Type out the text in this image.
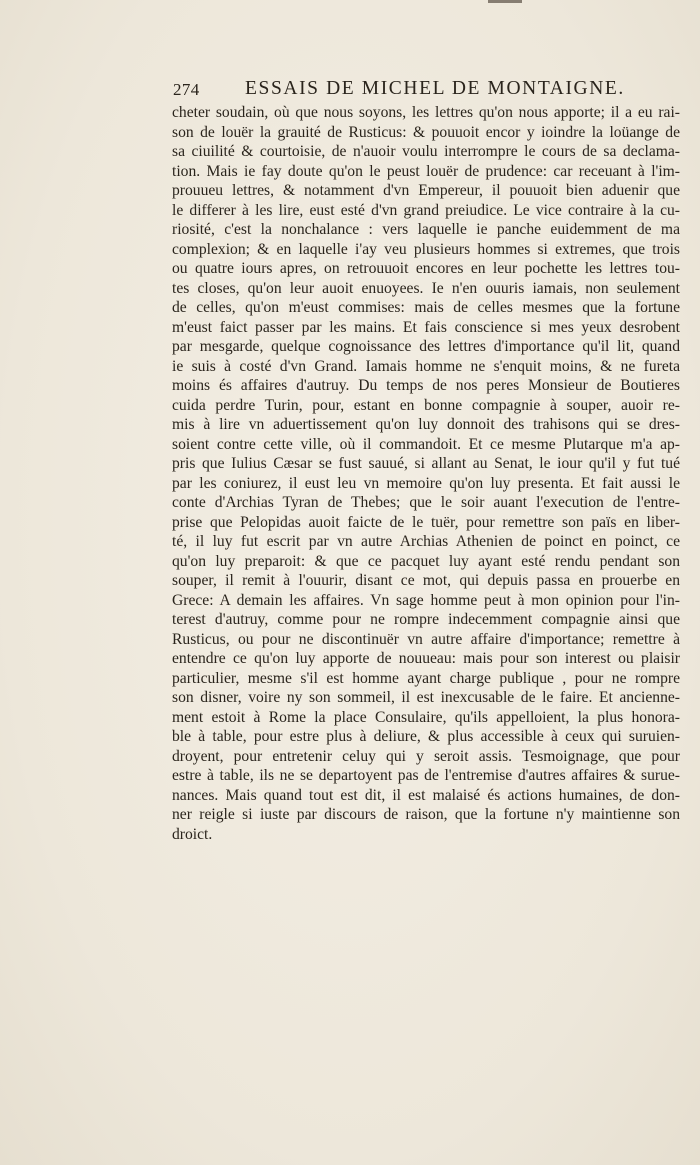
274 ESSAIS DE MICHEL DE MONTAIGNE.
cheter soudain, où que nous soyons, les lettres qu'on nous apporte; il a eu rai-
son de louër la grauité de Rusticus: & pouuoit encor y ioindre la loüange de
sa ciuilité & courtoisie, de n'auoir voulu interrompre le cours de sa declama-
tion. Mais ie fay doute qu'on le peust louër de prudence: car receuant à l'im-
prouueu lettres, & notamment d'vn Empereur, il pouuoit bien aduenir que
le differer à les lire, eust esté d'vn grand preiudice. Le vice contraire à la cu-
riosité, c'est la nonchalance : vers laquelle ie panche euidemment de ma
complexion; & en laquelle i'ay veu plusieurs hommes si extremes, que trois
ou quatre iours apres, on retrouuoit encores en leur pochette les lettres tou-
tes closes, qu'on leur auoit enuoyees. Ie n'en ouuris iamais, non seulement
de celles, qu'on m'eust commises: mais de celles mesmes que la fortune
m'eust faict passer par les mains. Et fais conscience si mes yeux desrobent
par mesgarde, quelque cognoissance des lettres d'importance qu'il lit, quand
ie suis à costé d'vn Grand. Iamais homme ne s'enquit moins, & ne fureta
moins és affaires d'autruy. Du temps de nos peres Monsieur de Boutieres
cuida perdre Turin, pour, estant en bonne compagnie à souper, auoir re-
mis à lire vn aduertissement qu'on luy donnoit des trahisons qui se dres-
soient contre cette ville, où il commandoit. Et ce mesme Plutarque m'a ap-
pris que Iulius Cæsar se fust sauué, si allant au Senat, le iour qu'il y fut tué
par les coniurez, il eust leu vn memoire qu'on luy presenta. Et fait aussi le
conte d'Archias Tyran de Thebes; que le soir auant l'execution de l'entre-
prise que Pelopidas auoit faicte de le tuër, pour remettre son païs en liber-
té, il luy fut escrit par vn autre Archias Athenien de poinct en poinct, ce
qu'on luy preparoit: & que ce pacquet luy ayant esté rendu pendant son
souper, il remit à l'ouurir, disant ce mot, qui depuis passa en prouerbe en
Grece: A demain les affaires. Vn sage homme peut à mon opinion pour l'in-
terest d'autruy, comme pour ne rompre indecemment compagnie ainsi que
Rusticus, ou pour ne discontinuër vn autre affaire d'importance; remettre à
entendre ce qu'on luy apporte de nouueau: mais pour son interest ou plaisir
particulier, mesme s'il est homme ayant charge publique , pour ne rompre
son disner, voire ny son sommeil, il est inexcusable de le faire. Et ancienne-
ment estoit à Rome la place Consulaire, qu'ils appelloient, la plus honora-
ble à table, pour estre plus à deliure, & plus accessible à ceux qui suruien-
droyent, pour entretenir celuy qui y seroit assis. Tesmoignage, que pour
estre à table, ils ne se departoyent pas de l'entremise d'autres affaires & surue-
nances. Mais quand tout est dit, il est malaisé és actions humaines, de don-
ner reigle si iuste par discours de raison, que la fortune n'y maintienne son
droict.
